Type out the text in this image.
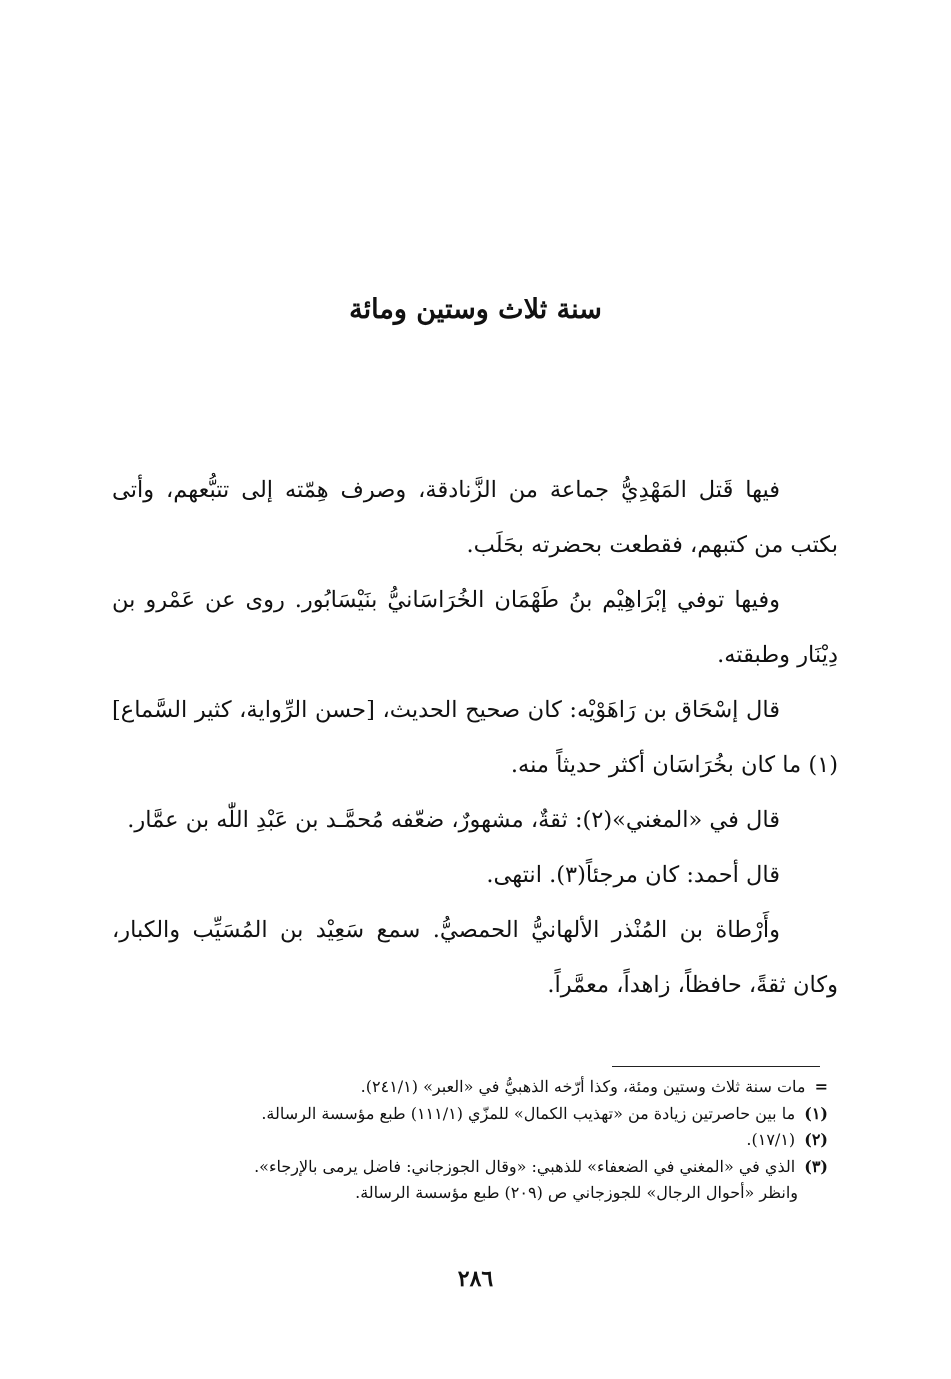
سنة ثلاث وستين ومائة

فيها قَتل المَهْدِيُّ جماعة من الزَّنادقة، وصرف هِمّته إلى تتبُّعهم، وأتى بكتب من كتبهم، فقطعت بحضرته بحَلَب.

وفيها توفي إبْرَاهِيْم بنُ طَهْمَان الخُرَاسَانيُّ بنَيْسَابُور. روى عن عَمْرو بن دِيْنَار وطبقته.

قال إسْحَاق بن رَاهَوْيْه: كان صحيح الحديث، [حسن الرِّواية، كثير السَّماع](١) ما كان بخُرَاسَان أكثر حديثاً منه.

قال في «المغني»(٢): ثقةٌ، مشهورٌ، ضعّفه مُحمَّـد بن عَبْدِ اللّٰه بن عمَّار.

قال أحمد: كان مرجئاً(٣). انتهى.

وأَرْطاة بن المُنْذر الألهانيُّ الحمصيُّ. سمع سَعِيْد بن المُسَيِّب والكبار، وكان ثقةً، حافظاً، زاهداً، معمَّراً.

= مات سنة ثلاث وستين ومئة، وكذا أرّخه الذهبيُّ في «العبر» (٢٤١/١).
(١) ما بين حاصرتين زيادة من «تهذيب الكمال» للمزّي (١١١/١) طبع مؤسسة الرسالة.
(٢) (١٧/١).
(٣) الذي في «المغني في الضعفاء» للذهبي: «وقال الجوزجاني: فاضل يرمى بالإرجاء».
وانظر «أحوال الرجال» للجوزجاني ص (٢٠٩) طبع مؤسسة الرسالة.
٢٨٦
